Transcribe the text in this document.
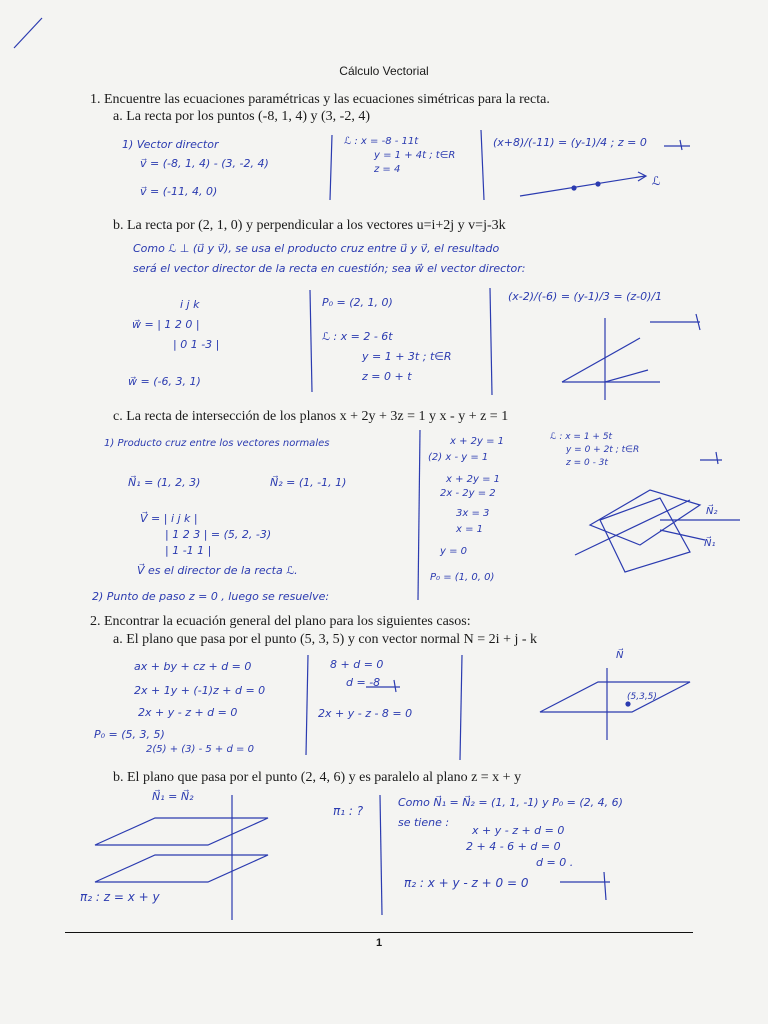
Cálculo Vectorial
1. Encuentre las ecuaciones paramétricas y las ecuaciones simétricas para la recta.
a. La recta por los puntos (-8, 1, 4) y (3, -2, 4)
1) Vector director
v⃗ = (-8, 1, 4) - (3, -2, 4)
v⃗ = (-11, 4, 0)
ℒ : x = -8 - 11t
y = 1 + 4t ; t∈R
z = 4
(x+8)/(-11) = (y-1)/4 ; z = 0
ℒ
b. La recta por (2, 1, 0) y perpendicular a los vectores u=i+2j y v=j-3k
Como ℒ ⊥ (u⃗ y v⃗), se usa el producto cruz entre u⃗ y v⃗, el resultado
será el vector director de la recta en cuestión; sea w⃗ el vector director:
i j k
w⃗ = | 1 2 0 |
| 0 1 -3 |
w⃗ = (-6, 3, 1)
P₀ = (2, 1, 0)
ℒ : x = 2 - 6t
y = 1 + 3t ; t∈R
z = 0 + t
(x-2)/(-6) = (y-1)/3 = (z-0)/1
c. La recta de intersección de los planos x + 2y + 3z = 1 y x - y + z = 1
1) Producto cruz entre los vectores normales
N⃗₁ = (1, 2, 3)	N⃗₂ = (1, -1, 1)
V⃗ = | i j k |
| 1 2 3 | = (5, 2, -3)
| 1 -1 1 |
V⃗ es el director de la recta ℒ.
2) Punto de paso z = 0 , luego se resuelve:
x + 2y = 1
(2) x - y = 1
x + 2y = 1
2x - 2y = 2
3x = 3
x = 1
y = 0
P₀ = (1, 0, 0)
ℒ : x = 1 + 5t
y = 0 + 2t ; t∈R
z = 0 - 3t
N⃗₂
N⃗₁
2. Encontrar la ecuación general del plano para los siguientes casos:
a. El plano que pasa por el punto (5, 3, 5) y con vector normal N = 2i + j - k
ax + by + cz + d = 0
2x + 1y + (-1)z + d = 0
2x + y - z + d = 0
P₀ = (5, 3, 5)
2(5) + (3) - 5 + d = 0
8 + d = 0
d = -8
2x + y - z - 8 = 0
(5,3,5)
N⃗
b. El plano que pasa por el punto (2, 4, 6) y es paralelo al plano z = x + y
N⃗₁ = N⃗₂
π₁ : ?
π₂ : z = x + y
Como N⃗₁ = N⃗₂ = (1, 1, -1) y P₀ = (2, 4, 6)
se tiene :
x + y - z + d = 0
2 + 4 - 6 + d = 0
d = 0 .
π₂ : x + y - z + 0 = 0
1
